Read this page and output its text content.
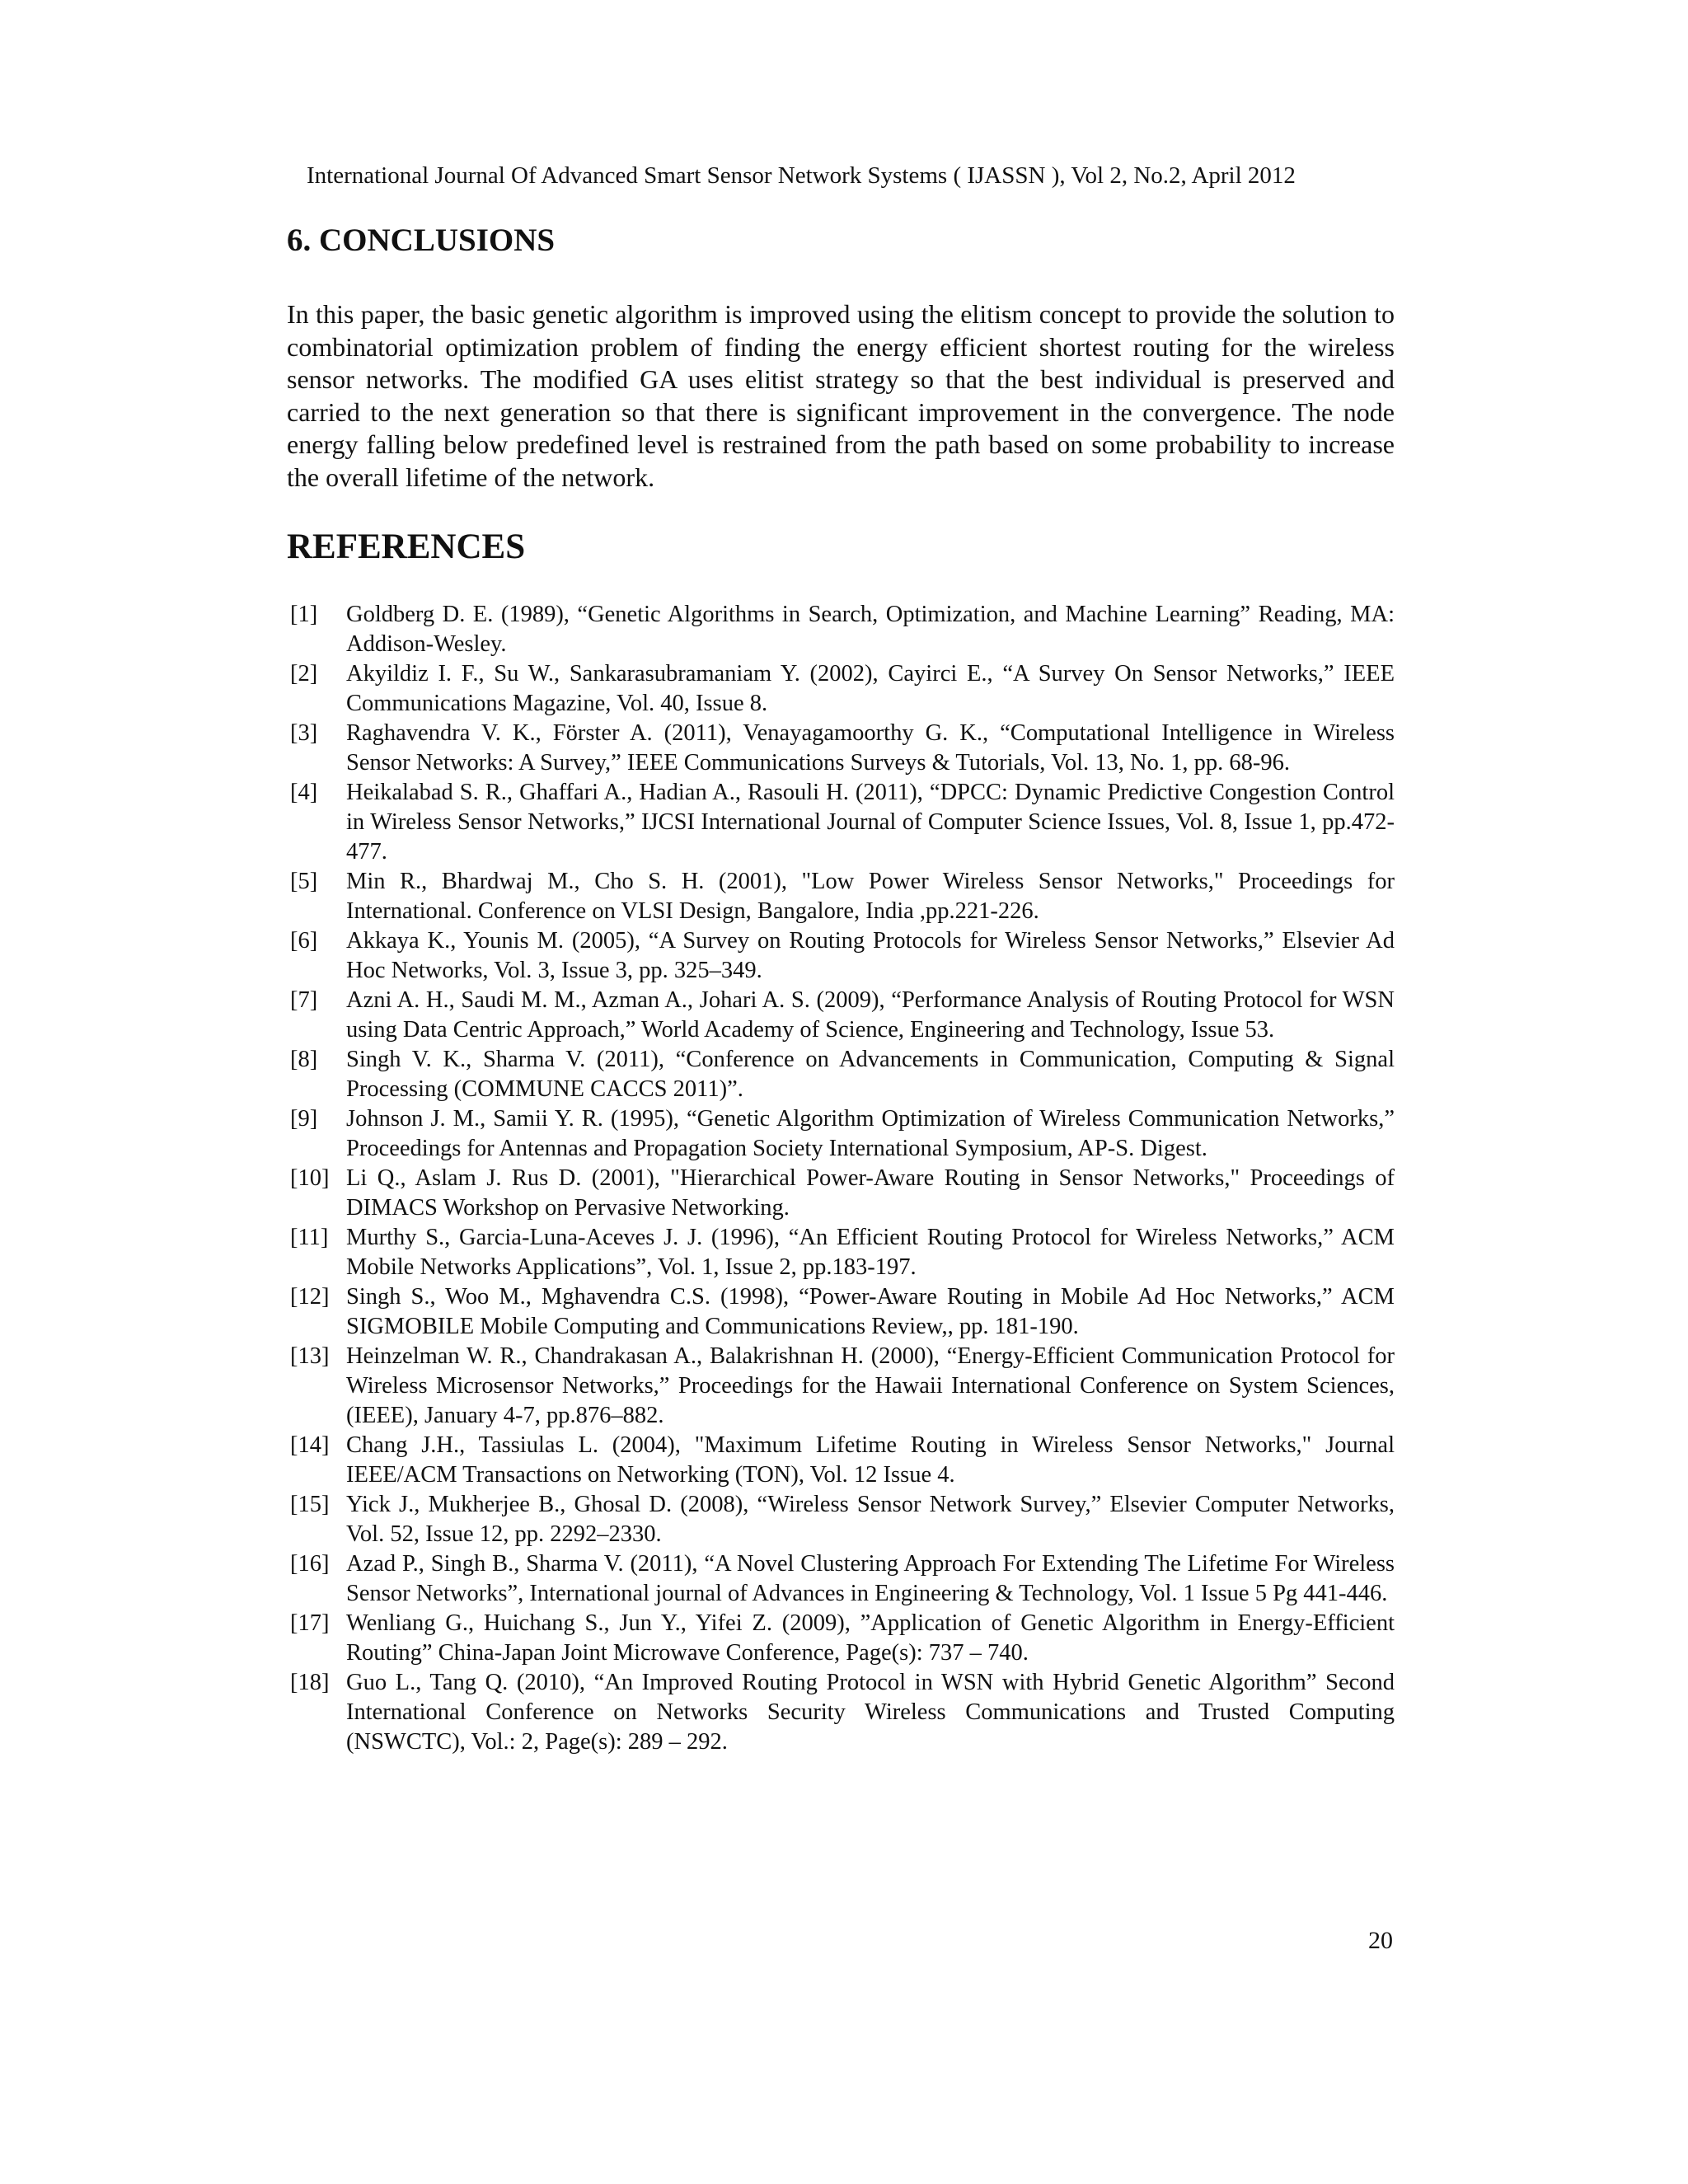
International Journal Of Advanced Smart Sensor Network Systems ( IJASSN ), Vol 2, No.2, April 2012
6. CONCLUSIONS
In this paper, the basic genetic algorithm is improved using the elitism concept to provide the solution to combinatorial optimization problem of finding the energy efficient shortest routing for the wireless sensor networks. The modified GA uses elitist strategy so that the best individual is preserved and carried to the next generation so that there is significant improvement in the convergence. The node energy falling below predefined level is restrained from the path based on some probability to increase the overall lifetime of the network.
REFERENCES
[1]	Goldberg D. E. (1989), “Genetic Algorithms in Search, Optimization, and Machine Learning” Reading, MA: Addison-Wesley.
[2]	Akyildiz I. F., Su W., Sankarasubramaniam Y. (2002), Cayirci E., “A Survey On Sensor Networks,” IEEE Communications Magazine, Vol. 40, Issue 8.
[3]	Raghavendra V. K., Förster A. (2011), Venayagamoorthy G. K., “Computational Intelligence in Wireless Sensor Networks: A Survey,” IEEE Communications Surveys & Tutorials, Vol. 13, No. 1, pp. 68-96.
[4]	Heikalabad S. R., Ghaffari A., Hadian A., Rasouli H. (2011), “DPCC: Dynamic Predictive Congestion Control in Wireless Sensor Networks,” IJCSI International Journal of Computer Science Issues, Vol. 8, Issue 1, pp.472-477.
[5]	Min R., Bhardwaj M., Cho S. H. (2001), "Low Power Wireless Sensor Networks," Proceedings for International. Conference on VLSI Design, Bangalore, India ,pp.221-226.
[6]	Akkaya K., Younis M. (2005), “A Survey on Routing Protocols for Wireless Sensor Networks,” Elsevier Ad Hoc Networks, Vol. 3, Issue 3, pp. 325–349.
[7]	Azni A. H., Saudi M. M., Azman A., Johari A. S. (2009), “Performance Analysis of Routing Protocol for WSN using Data Centric Approach,” World Academy of Science, Engineering and Technology, Issue 53.
[8]	Singh V. K., Sharma V. (2011), “Conference on Advancements in Communication, Computing & Signal Processing (COMMUNE CACCS 2011)”.
[9]	Johnson J. M., Samii Y. R. (1995), “Genetic Algorithm Optimization of Wireless Communication Networks,” Proceedings for Antennas and Propagation Society International Symposium, AP-S. Digest.
[10] Li Q., Aslam J. Rus D. (2001), "Hierarchical Power-Aware Routing in Sensor Networks," Proceedings of DIMACS Workshop on Pervasive Networking.
[11] Murthy S., Garcia-Luna-Aceves J. J. (1996), “An Efficient Routing Protocol for Wireless Networks,” ACM Mobile Networks Applications”, Vol. 1, Issue 2, pp.183-197.
[12] Singh S., Woo M., Mghavendra C.S. (1998), “Power-Aware Routing in Mobile Ad Hoc Networks,” ACM SIGMOBILE Mobile Computing and Communications Review,, pp. 181-190.
[13] Heinzelman W. R., Chandrakasan A., Balakrishnan H. (2000), “Energy-Efficient Communication Protocol for Wireless Microsensor Networks,” Proceedings for the Hawaii International Conference on System Sciences, (IEEE), January 4-7, pp.876–882.
[14] Chang J.H., Tassiulas L. (2004), "Maximum Lifetime Routing in Wireless Sensor Networks," Journal IEEE/ACM Transactions on Networking (TON), Vol. 12 Issue 4.
[15] Yick J., Mukherjee B., Ghosal D. (2008), “Wireless Sensor Network Survey,” Elsevier Computer Networks, Vol. 52, Issue 12, pp. 2292–2330.
[16] Azad P., Singh B., Sharma V. (2011), “A Novel Clustering Approach For Extending The Lifetime For Wireless Sensor Networks”, International journal of Advances in Engineering & Technology, Vol. 1 Issue 5 Pg 441-446.
[17] Wenliang G., Huichang S., Jun Y., Yifei Z. (2009), ”Application of Genetic Algorithm in Energy-Efficient Routing” China-Japan Joint Microwave Conference, Page(s): 737 – 740.
[18] Guo L., Tang Q. (2010), “An Improved Routing Protocol in WSN with Hybrid Genetic Algorithm” Second International Conference on Networks Security Wireless Communications and Trusted Computing (NSWCTC), Vol.: 2, Page(s): 289 – 292.
20
